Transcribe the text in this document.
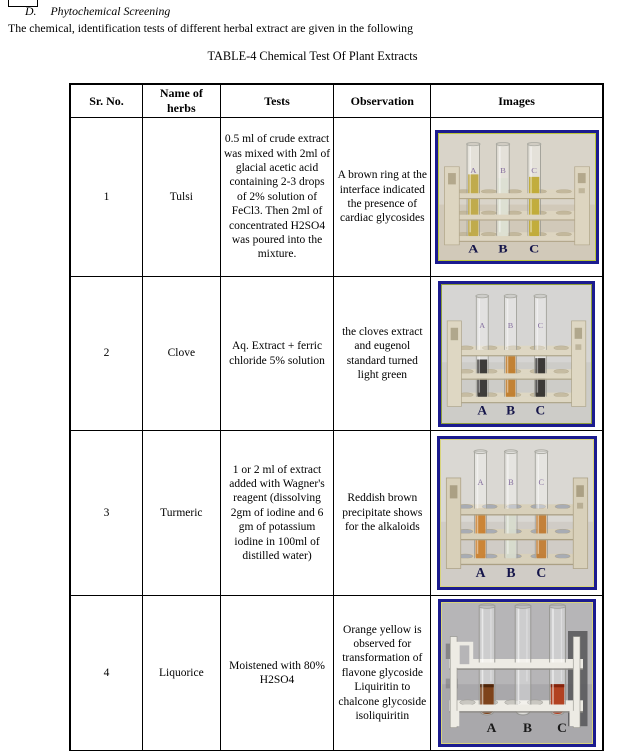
D. Phytochemical Screening
The chemical, identification tests of different herbal extract are given in the following
TABLE-4 Chemical Test Of Plant Extracts
Sr. No.	Name of herbs	Tests	Observation	Images
1	Tulsi	0.5 ml of crude extract was mixed with 2ml of glacial acetic acid containing 2-3 drops of 2% solution of FeCl3. Then 2ml of concentrated H2SO4 was poured into the mixture.	A brown ring at the interface indicated the presence of cardiac glycosides	
A	B	C
A B C

2	Clove	Aq. Extract + ferric chloride 5% solution	the cloves extract and eugenol standard turned light green	
A	B	C
A B C

3	Turmeric	1 or 2 ml of extract added with Wagner's reagent (dissolving 2gm of iodine and 6 gm of potassium iodine in 100ml of distilled water)	Reddish brown precipitate shows for the alkaloids	
A	B	C
A B C

4	Liquorice	Moistened with 80% H2SO4	Orange yellow is observed for transformation of flavone glycoside Liquiritin to chalcone glycoside isoliquiritin	A B C
